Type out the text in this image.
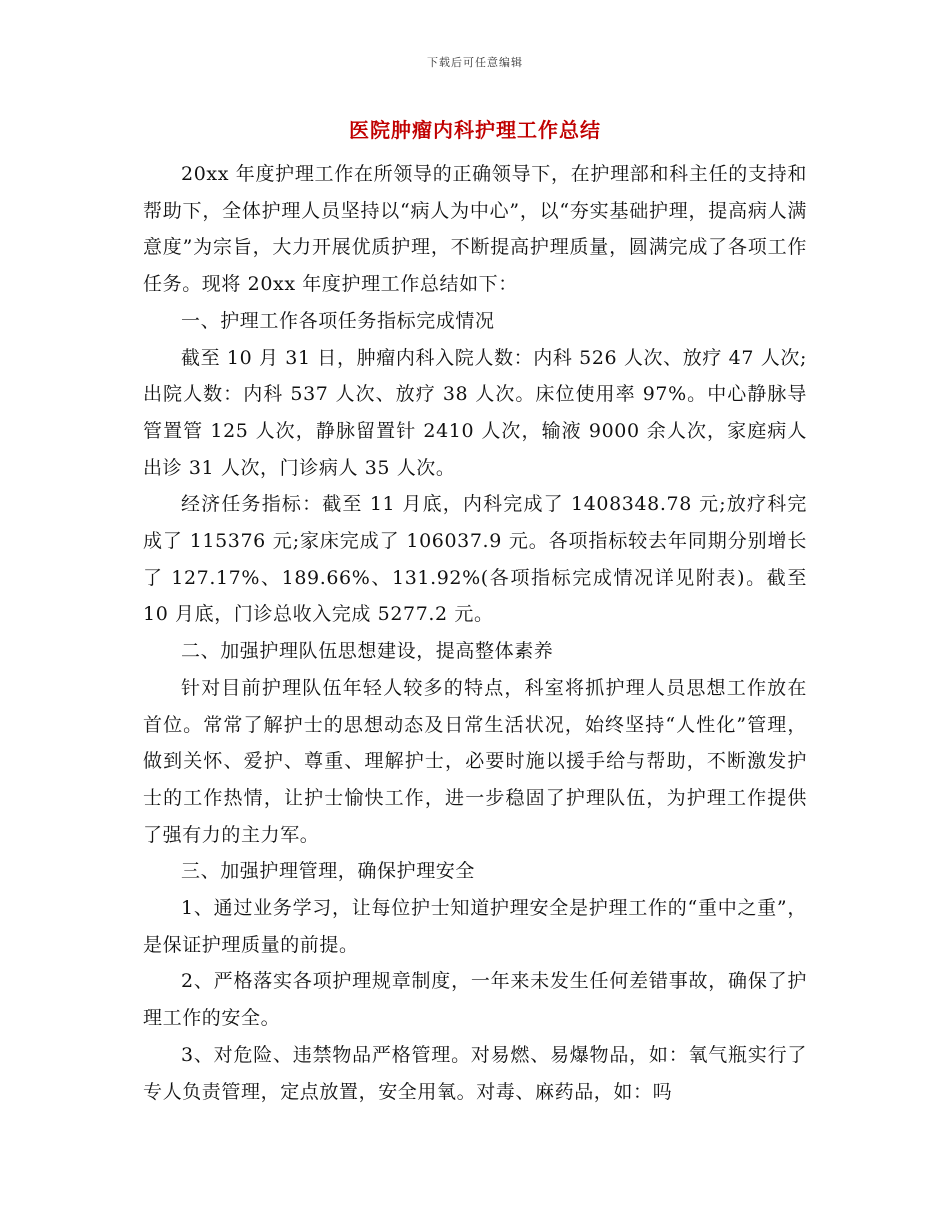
下载后可任意编辑
医院肿瘤内科护理工作总结

20xx 年度护理工作在所领导的正确领导下，在护理部和科主任的支持和帮助下，全体护理人员坚持以“病人为中心”，以“夯实基础护理，提高病人满意度”为宗旨，大力开展优质护理，不断提高护理质量，圆满完成了各项工作任务。现将 20xx 年度护理工作总结如下：

一、护理工作各项任务指标完成情况

截至 10 月 31 日，肿瘤内科入院人数：内科 526 人次、放疗 47 人次;出院人数：内科 537 人次、放疗 38 人次。床位使用率 97%。中心静脉导管置管 125 人次，静脉留置针 2410 人次，输液 9000 余人次，家庭病人出诊 31 人次，门诊病人 35 人次。

经济任务指标：截至 11 月底，内科完成了 1408348.78 元;放疗科完成了 115376 元;家床完成了 106037.9 元。各项指标较去年同期分别增长了 127.17%、189.66%、131.92%(各项指标完成情况详见附表)。截至 10 月底，门诊总收入完成 5277.2 元。

二、加强护理队伍思想建设，提高整体素养

针对目前护理队伍年轻人较多的特点，科室将抓护理人员思想工作放在首位。常常了解护士的思想动态及日常生活状况，始终坚持“人性化”管理，做到关怀、爱护、尊重、理解护士，必要时施以援手给与帮助，不断激发护士的工作热情，让护士愉快工作，进一步稳固了护理队伍，为护理工作提供了强有力的主力军。

三、加强护理管理，确保护理安全

1、通过业务学习，让每位护士知道护理安全是护理工作的“重中之重”，是保证护理质量的前提。

2、严格落实各项护理规章制度，一年来未发生任何差错事故，确保了护理工作的安全。

3、对危险、违禁物品严格管理。对易燃、易爆物品，如：氧气瓶实行了专人负责管理，定点放置，安全用氧。对毒、麻药品，如：吗
